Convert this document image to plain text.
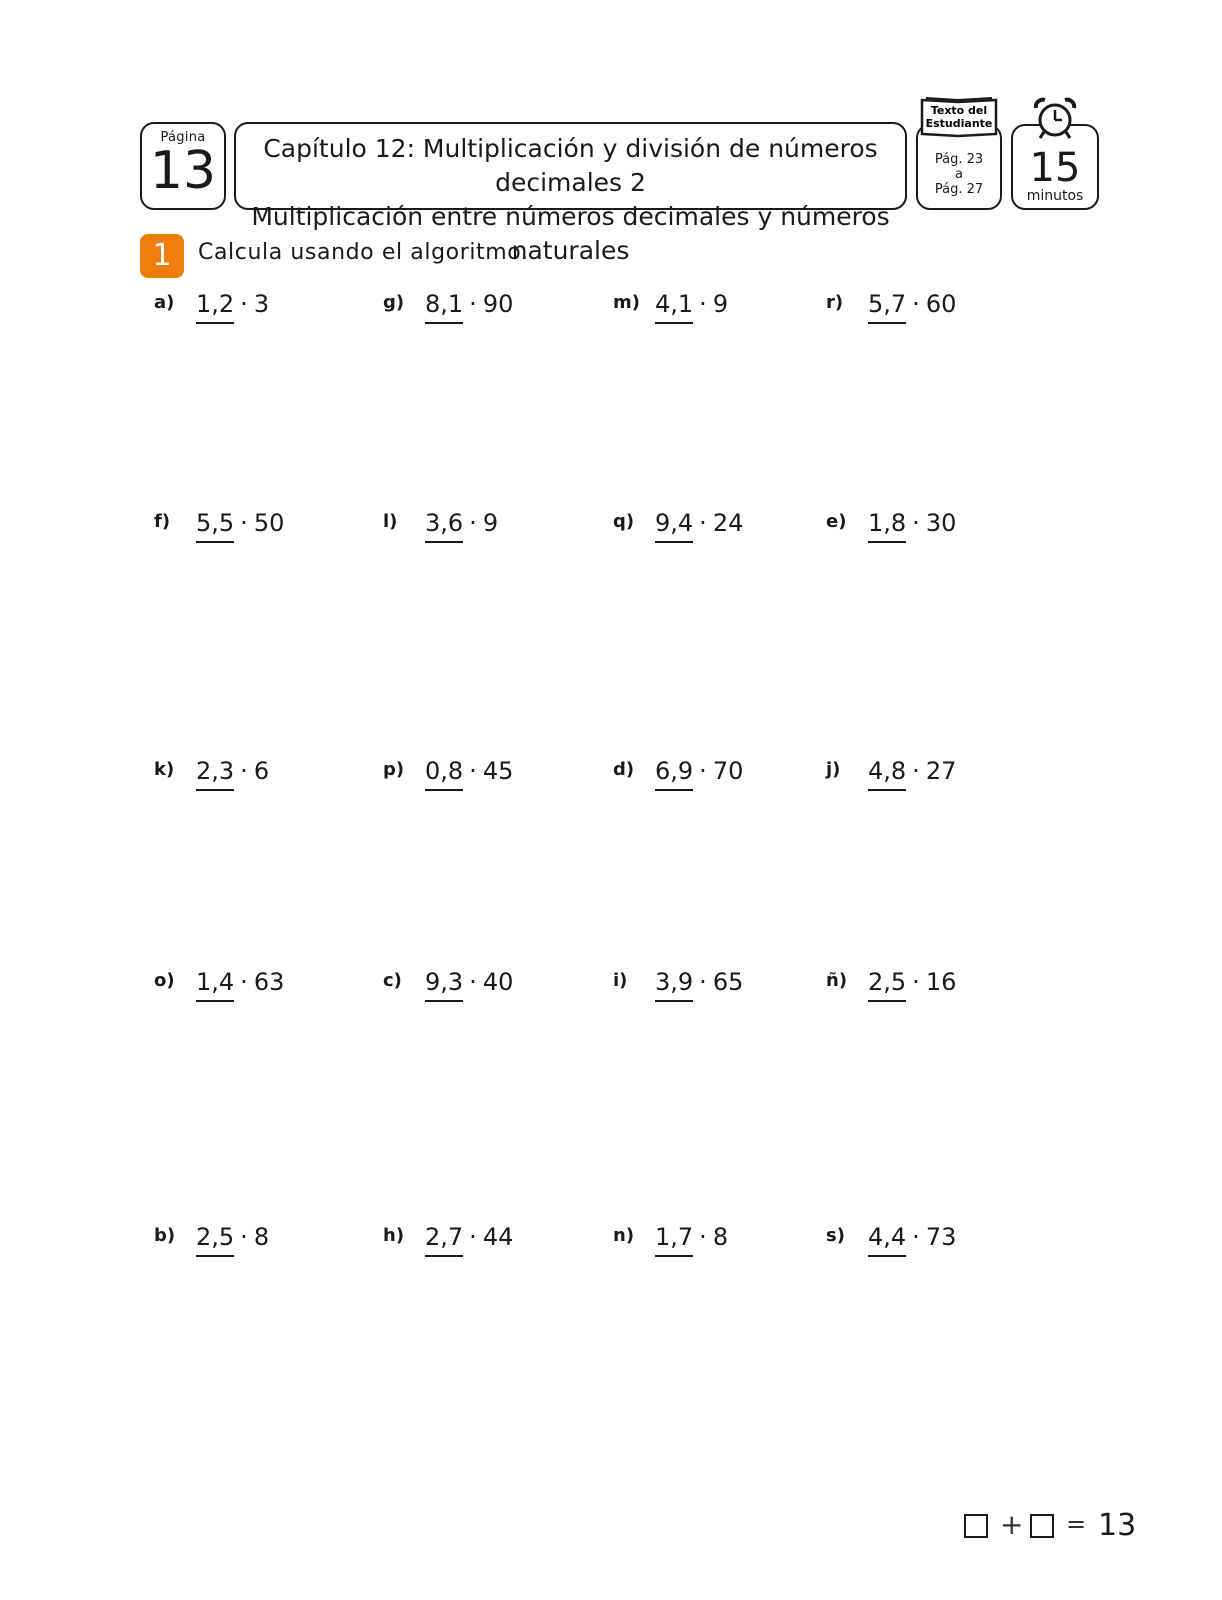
Página
13	Capítulo 12: Multiplicación y división de números decimales 2
Multiplicación entre números decimales y números naturales
Pág. 23
a
Pág. 27
Texto del
Estudiante
15
minutos
1	Calcula usando el algoritmo.
a) 1,2 · 3
f) 5,5 · 50
k) 2,3 · 6
o) 1,4 · 63
b) 2,5 · 8
g) 8,1 · 90
l) 3,6 · 9
p) 0,8 · 45
c) 9,3 · 40
h) 2,7 · 44
m) 4,1 · 9
q) 9,4 · 24
d) 6,9 · 70
i) 3,9 · 65
n) 1,7 · 8
r) 5,7 · 60
e) 1,8 · 30
j) 4,8 · 27
ñ) 2,5 · 16
s) 4,4 · 73
+ = 13
